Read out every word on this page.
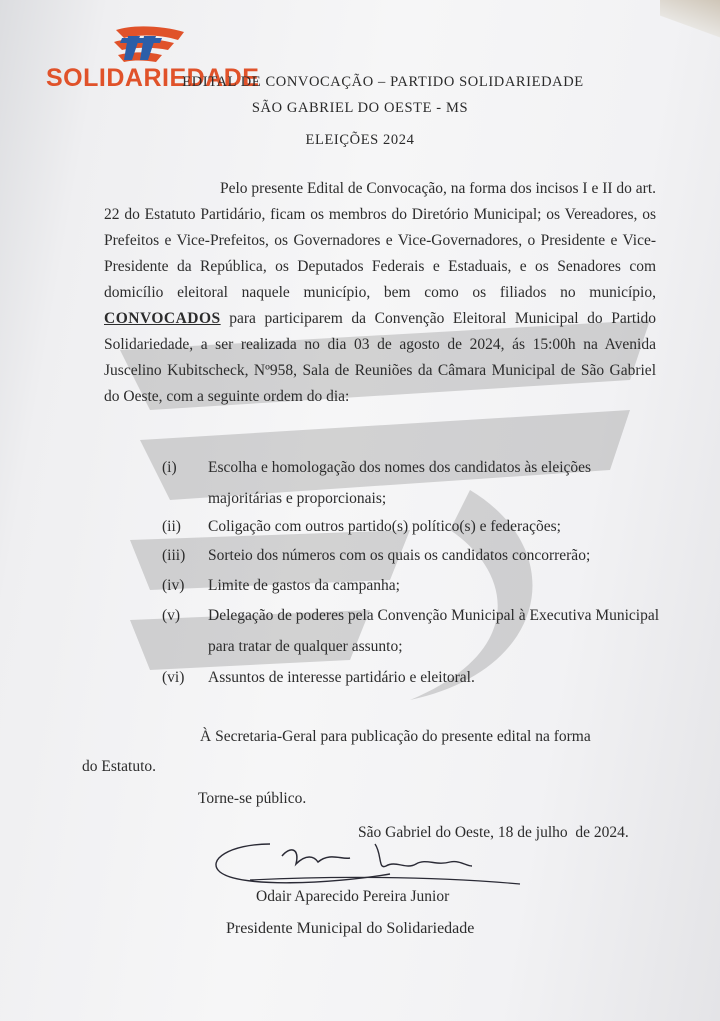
SOLIDARIEDADE
EDITAL DE CONVOCAÇÃO – PARTIDO SOLIDARIEDADE
SÃO GABRIEL DO OESTE - MS
ELEIÇÕES 2024
Pelo presente Edital de Convocação, na forma dos incisos I e II do art. 22 do Estatuto Partidário, ficam os membros do Diretório Municipal; os Vereadores, os Prefeitos e Vice-Prefeitos, os Governadores e Vice-Governadores, o Presidente e Vice-Presidente da República, os Deputados Federais e Estaduais, e os Senadores com domicílio eleitoral naquele município, bem como os filiados no município, CONVOCADOS para participarem da Convenção Eleitoral Municipal do Partido Solidariedade, a ser realizada no dia 03 de agosto de 2024, ás 15:00h na Avenida Juscelino Kubitscheck, Nº958, Sala de Reuniões da Câmara Municipal de São Gabriel do Oeste, com a seguinte ordem do dia:
(i)	Escolha e homologação dos nomes dos candidatos às eleições majoritárias e proporcionais;
(ii)	Coligação com outros partido(s) político(s) e federações;
(iii)	Sorteio dos números com os quais os candidatos concorrerão;
(iv)	Limite de gastos da campanha;
(v)	Delegação de poderes pela Convenção Municipal à Executiva Municipal para tratar de qualquer assunto;
(vi)	Assuntos de interesse partidário e eleitoral.
À Secretaria-Geral para publicação do presente edital na forma
do Estatuto.
Torne-se público.
São Gabriel do Oeste, 18 de julho  de 2024.
Odair Aparecido Pereira Junior
Presidente Municipal do Solidariedade
